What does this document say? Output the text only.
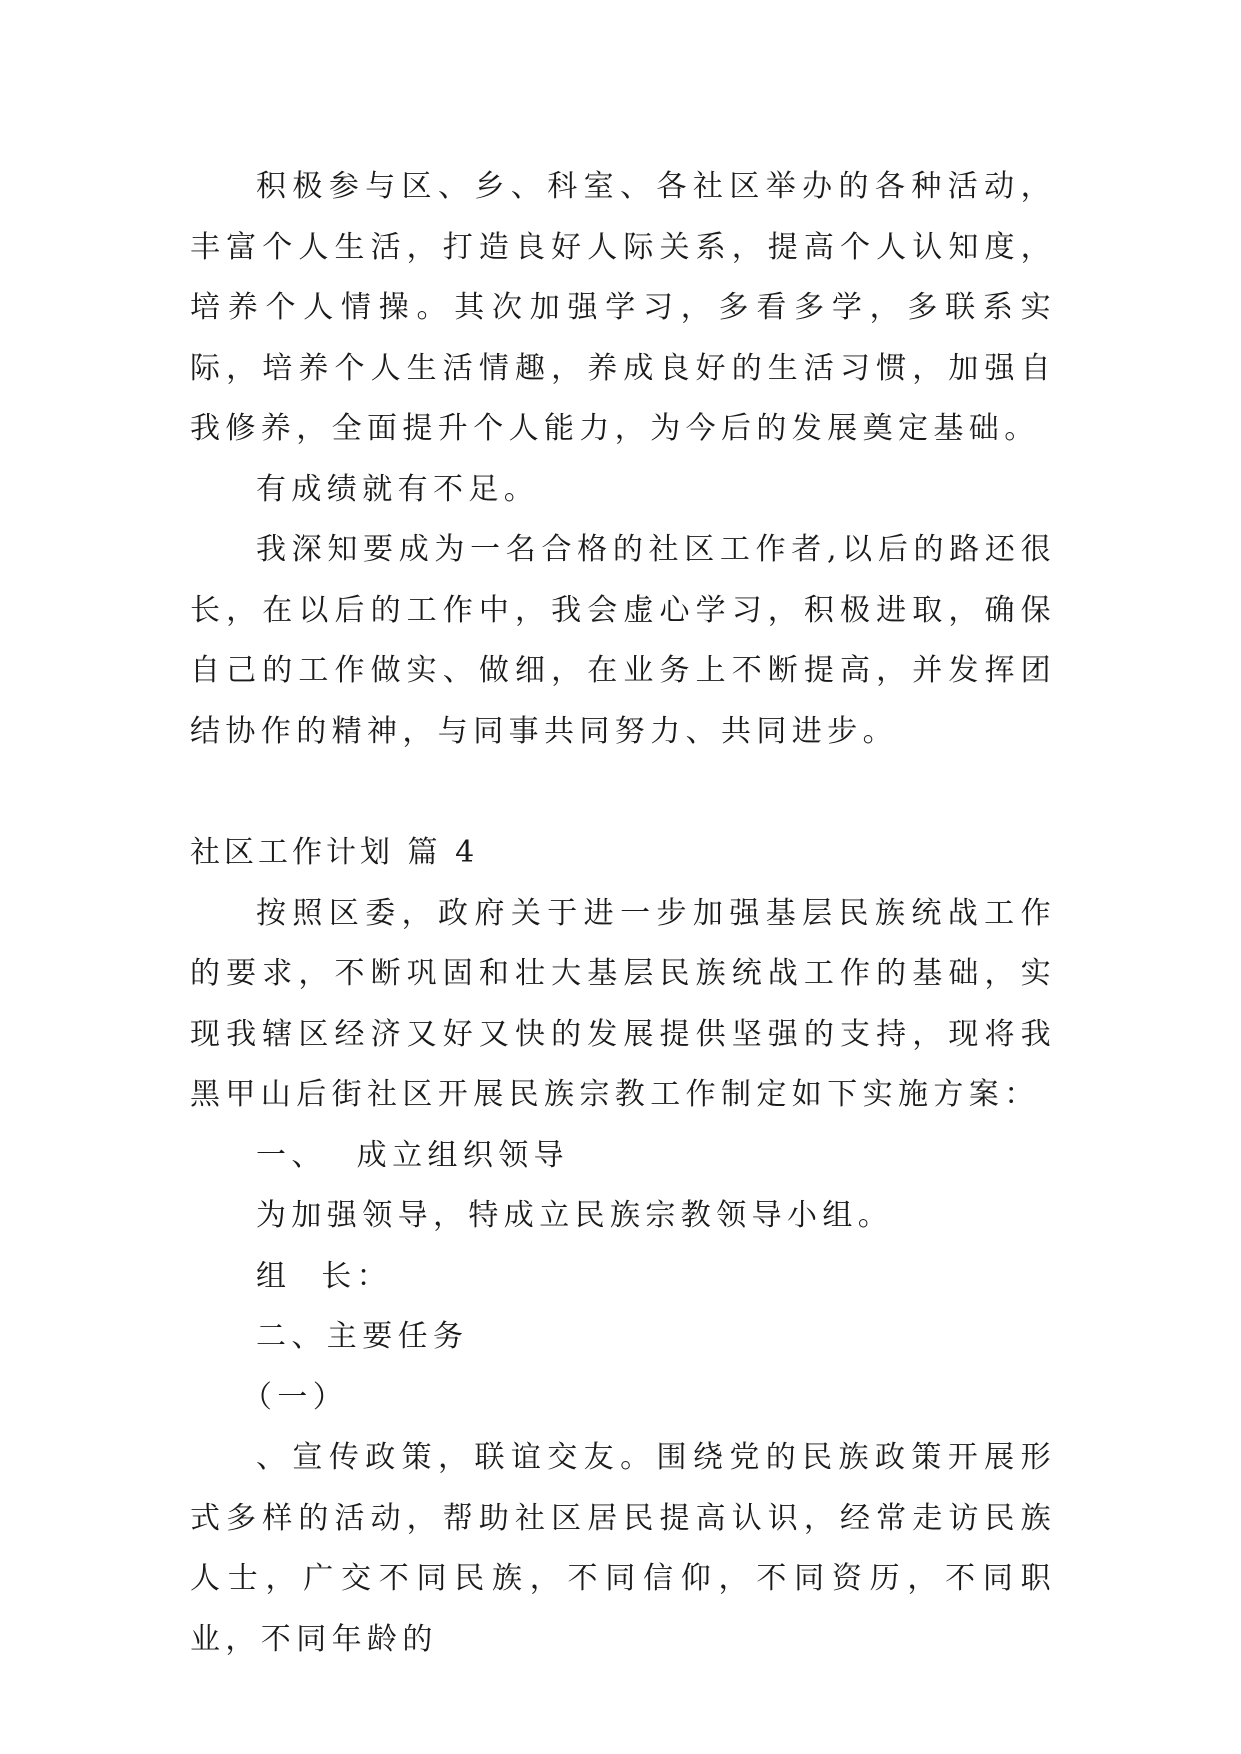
积极参与区、乡、科室、各社区举办的各种活动，丰富个人生活，打造良好人际关系，提高个人认知度，培养个人情操。其次加强学习，多看多学，多联系实际，培养个人生活情趣，养成良好的生活习惯，加强自我修养，全面提升个人能力，为今后的发展奠定基础。

有成绩就有不足。

我深知要成为一名合格的社区工作者,以后的路还很长，在以后的工作中，我会虚心学习，积极进取，确保自己的工作做实、做细，在业务上不断提高，并发挥团结协作的精神，与同事共同努力、共同进步。

社区工作计划 篇 4

按照区委，政府关于进一步加强基层民族统战工作的要求，不断巩固和壮大基层民族统战工作的基础，实现我辖区经济又好又快的发展提供坚强的支持，现将我黑甲山后街社区开展民族宗教工作制定如下实施方案：

一、  成立组织领导

为加强领导，特成立民族宗教领导小组。

组  长：

二、主要任务

（一）

、宣传政策，联谊交友。围绕党的民族政策开展形式多样的活动，帮助社区居民提高认识，经常走访民族人士，广交不同民族，不同信仰，不同资历，不同职业，不同年龄的
